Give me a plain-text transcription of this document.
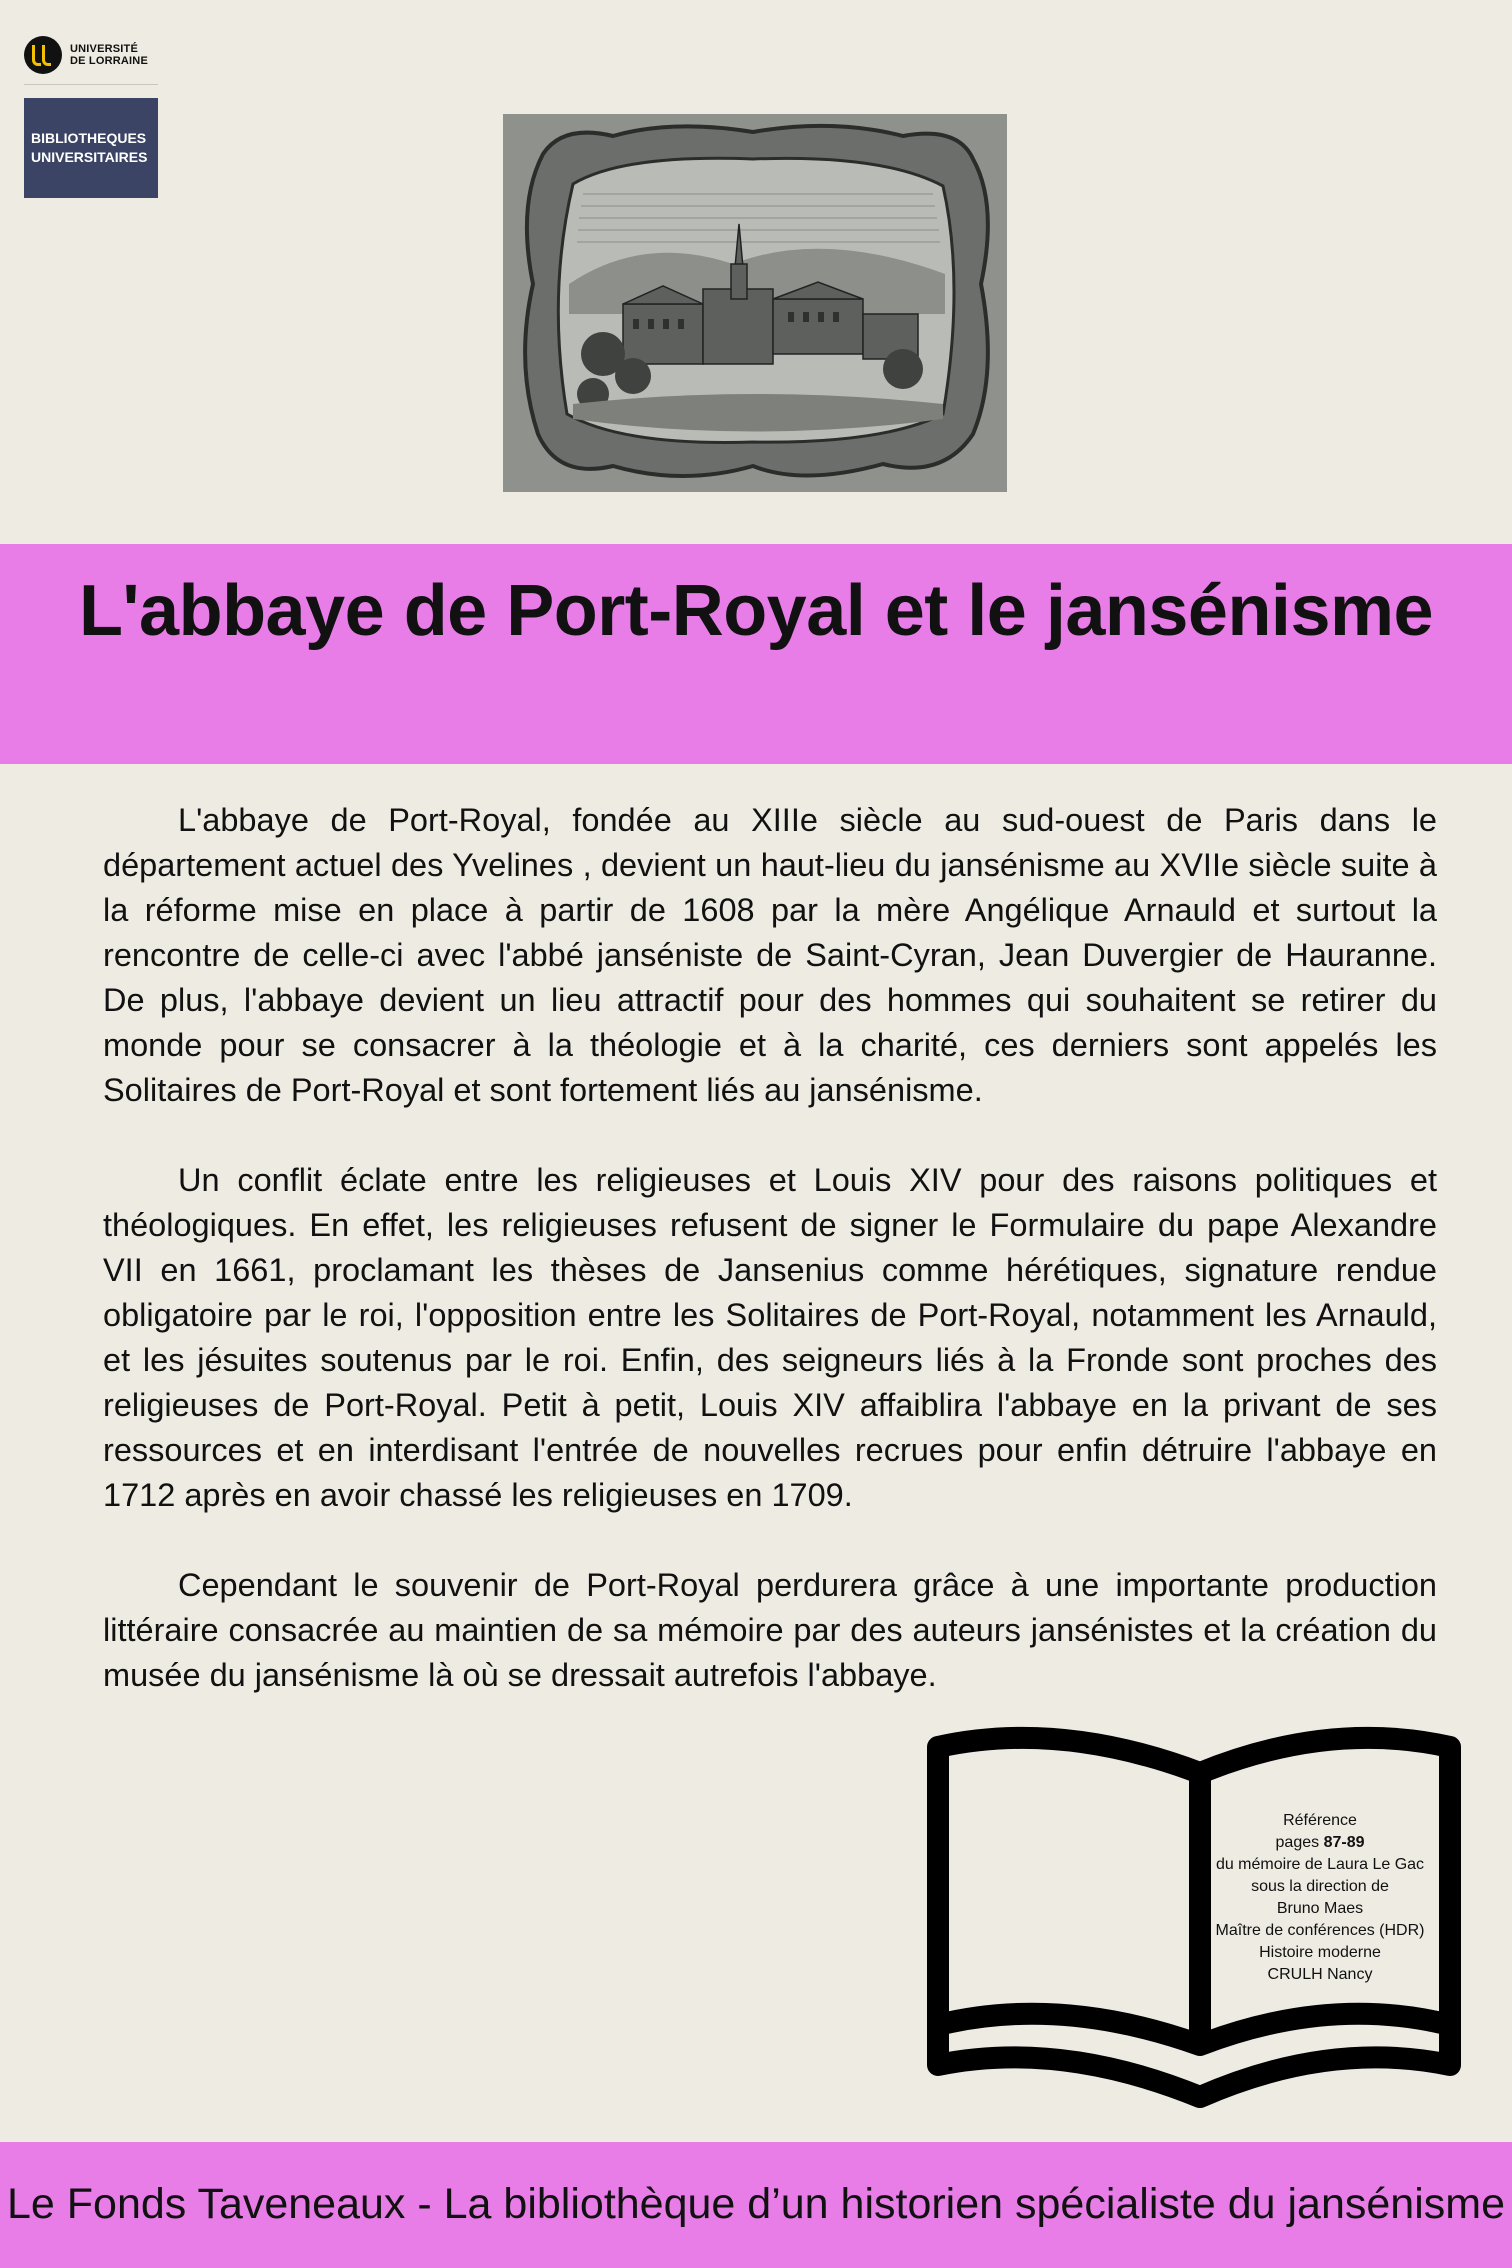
UNIVERSITÉ
DE LORRAINE
BIBLIOTHEQUES
UNIVERSITAIRES
L'abbaye de Port-Royal et le jansénisme

L'abbaye de Port-Royal, fondée au XIIIe siècle au sud-ouest de Paris dans le département actuel des Yvelines , devient un haut-lieu du jansénisme au XVIIe siècle suite à la réforme mise en place à partir de 1608 par la mère Angélique Arnauld et surtout la rencontre de celle-ci avec l'abbé janséniste de Saint-Cyran, Jean Duvergier de Hauranne. De plus, l'abbaye devient un lieu attractif pour des hommes qui souhaitent se retirer du monde pour se consacrer à la théologie et à la charité, ces derniers sont appelés les Solitaires de Port-Royal et sont fortement liés au jansénisme.

Un conflit éclate entre les religieuses et Louis XIV pour des raisons politiques et théologiques. En effet, les religieuses refusent de signer le Formulaire du pape Alexandre VII en 1661, proclamant les thèses de Jansenius comme hérétiques, signature rendue obligatoire par le roi, l'opposition entre les Solitaires de Port-Royal, notamment les Arnauld, et les jésuites soutenus par le roi. Enfin, des seigneurs liés à la Fronde sont proches des religieuses de Port-Royal. Petit à petit, Louis XIV affaiblira l'abbaye en la privant de ses ressources et en interdisant l'entrée de nouvelles recrues pour enfin détruire l'abbaye en 1712 après en avoir chassé les religieuses en 1709.

Cependant le souvenir de Port-Royal perdurera grâce à une importante production littéraire consacrée au maintien de sa mémoire par des auteurs jansénistes et la création du musée du jansénisme là où se dressait autrefois l'abbaye.

Référence
pages 87-89
du mémoire de Laura Le Gac
sous la direction de
Bruno Maes
Maître de conférences (HDR)
Histoire moderne
CRULH Nancy
Le Fonds Taveneaux - La bibliothèque d’un historien spécialiste du jansénisme
